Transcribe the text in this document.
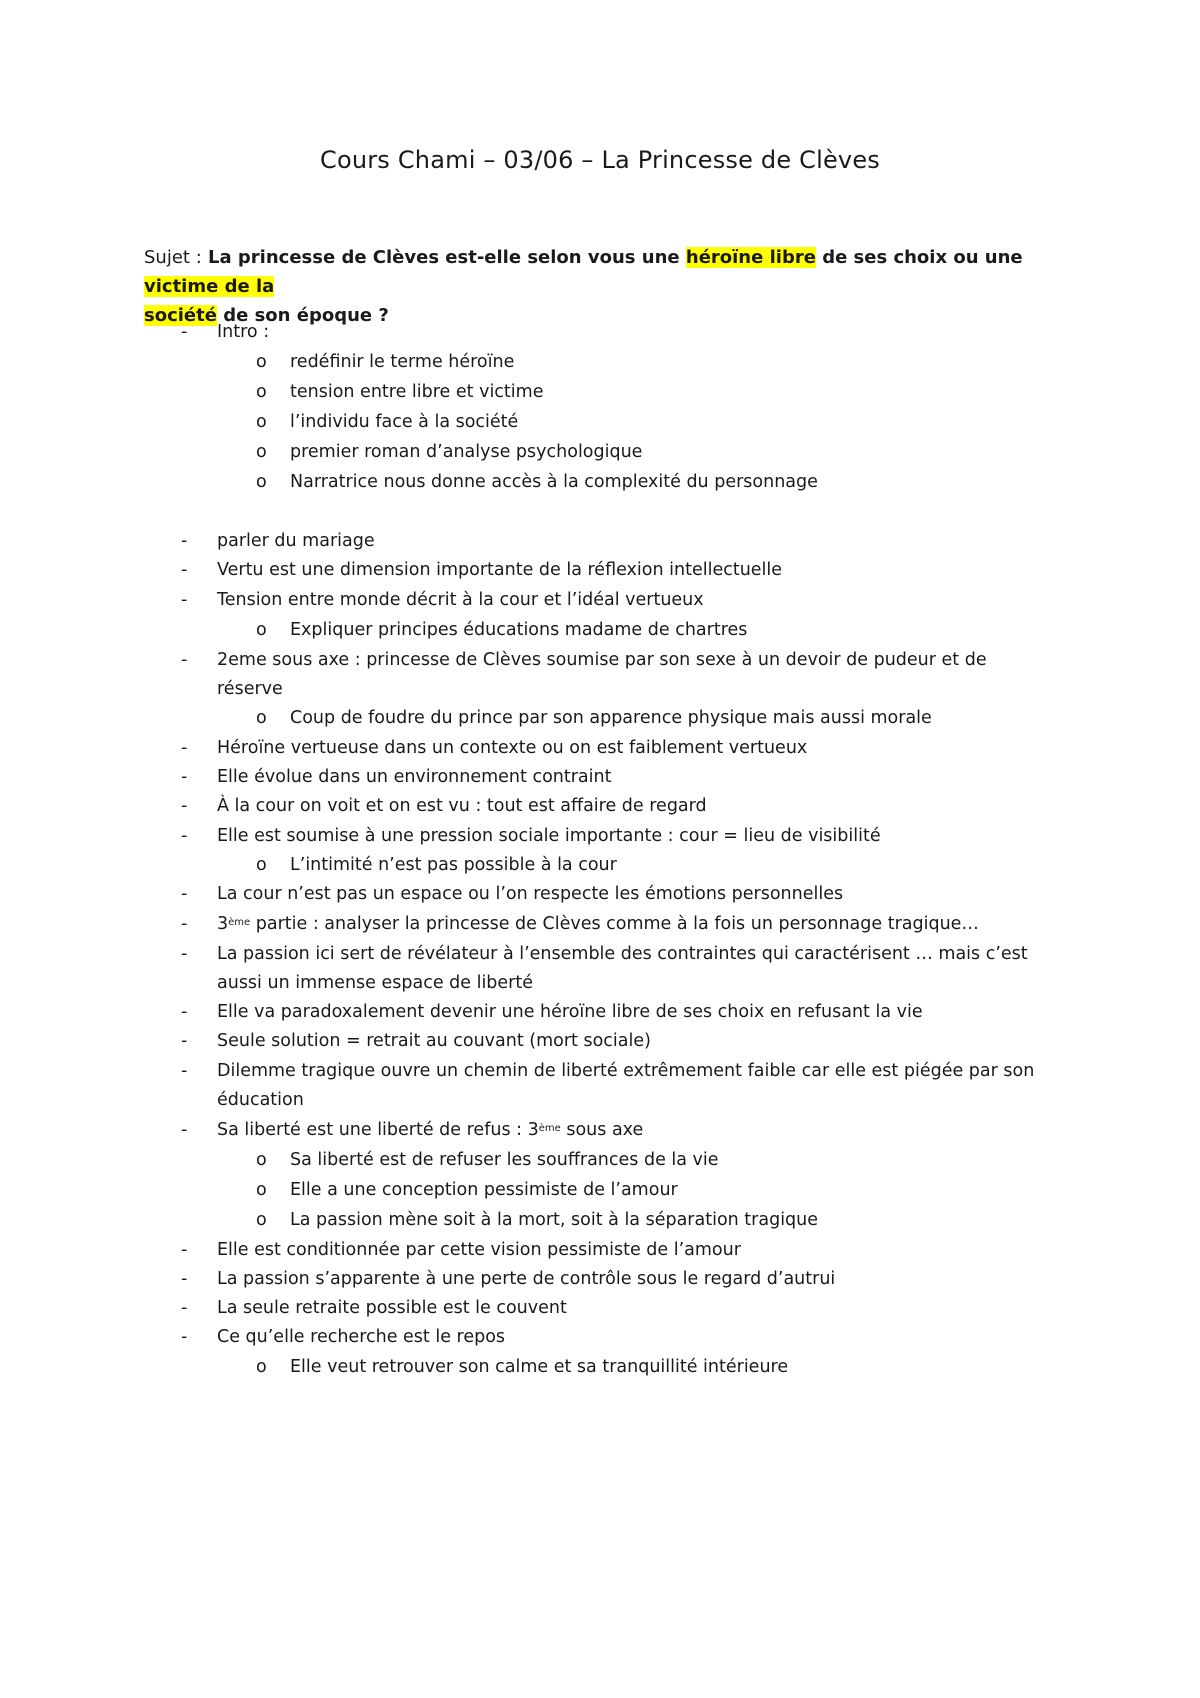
Cours Chami – 03/06 – La Princesse de Clèves
Sujet : La princesse de Clèves est-elle selon vous une héroïne libre de ses choix ou une victime de la
société de son époque ?
-	Intro :
o redéfinir le terme héroïne
o tension entre libre et victime
o l’individu face à la société
o premier roman d’analyse psychologique
o Narratrice nous donne accès à la complexité du personnage
-	parler du mariage
-	Vertu est une dimension importante de la réflexion intellectuelle
-	Tension entre monde décrit à la cour et l’idéal vertueux
o Expliquer principes éducations madame de chartres
-	2eme sous axe : princesse de Clèves soumise par son sexe à un devoir de pudeur et de
réserve
o Coup de foudre du prince par son apparence physique mais aussi morale
-	Héroïne vertueuse dans un contexte ou on est faiblement vertueux
-	Elle évolue dans un environnement contraint
-	À la cour on voit et on est vu : tout est affaire de regard
-	Elle est soumise à une pression sociale importante : cour = lieu de visibilité
o L’intimité n’est pas possible à la cour
-	La cour n’est pas un espace ou l’on respecte les émotions personnelles
-	3ème partie : analyser la princesse de Clèves comme à la fois un personnage tragique…
-	La passion ici sert de révélateur à l’ensemble des contraintes qui caractérisent … mais c’est
aussi un immense espace de liberté
-	Elle va paradoxalement devenir une héroïne libre de ses choix en refusant la vie
-	Seule solution = retrait au couvant (mort sociale)
-	Dilemme tragique ouvre un chemin de liberté extrêmement faible car elle est piégée par son
éducation
-	Sa liberté est une liberté de refus : 3ème sous axe
o Sa liberté est de refuser les souffrances de la vie
o Elle a une conception pessimiste de l’amour
o La passion mène soit à la mort, soit à la séparation tragique
-	Elle est conditionnée par cette vision pessimiste de l’amour
-	La passion s’apparente à une perte de contrôle sous le regard d’autrui
-	La seule retraite possible est le couvent
-	Ce qu’elle recherche est le repos
o Elle veut retrouver son calme et sa tranquillité intérieure
